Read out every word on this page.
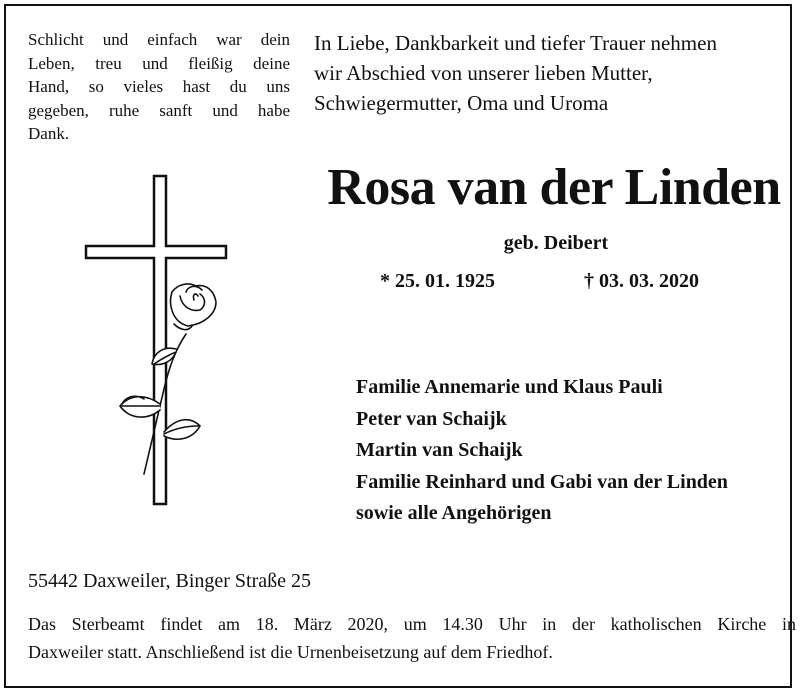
Schlicht und einfach war dein
Leben, treu und fleißig deine
Hand, so vieles hast du uns
gegeben, ruhe sanft und habe
Dank.
In Liebe, Dankbarkeit und tiefer Trauer nehmen
wir Abschied von unserer lieben Mutter,
Schwiegermutter, Oma und Uroma
Rosa van der Linden
geb. Deibert
* 25. 01. 1925	† 03. 03. 2020
Familie Annemarie und Klaus Pauli
Peter van Schaijk
Martin van Schaijk
Familie Reinhard und Gabi van der Linden
sowie alle Angehörigen
55442 Daxweiler, Binger Straße 25
Das Sterbeamt findet am 18. März 2020, um 14.30 Uhr in der katholischen Kirche in
Daxweiler statt. Anschließend ist die Urnenbeisetzung auf dem Friedhof.
